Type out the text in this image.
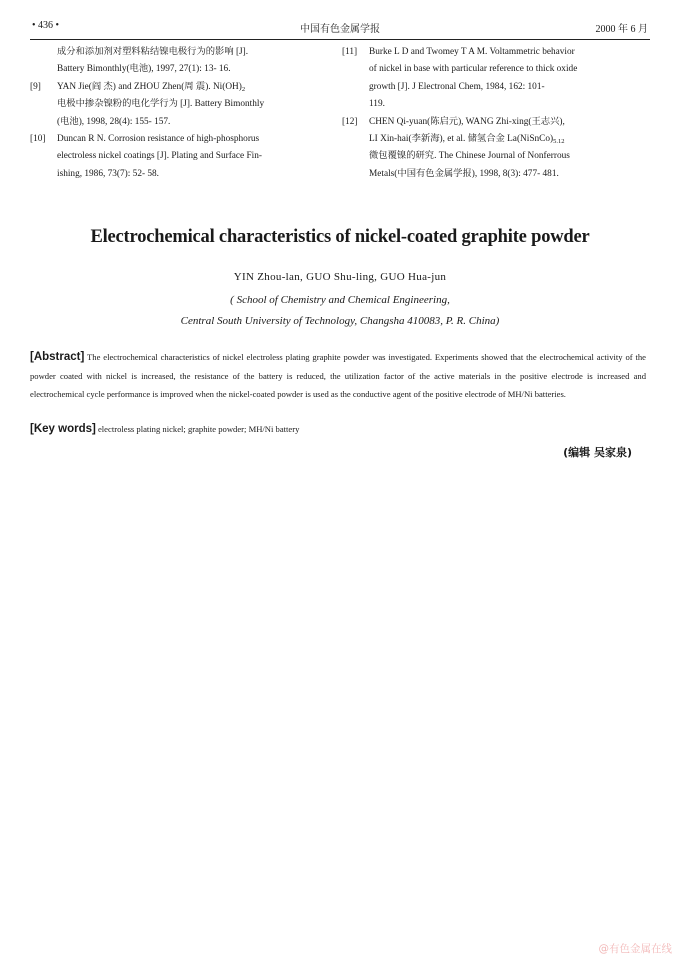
• 436 •	中国有色金属学报	2000 年 6 月
成分和添加剂对塑料粘结镍电极行为的影响 [J].
Battery Bimonthly(电池), 1997, 27(1): 13- 16.
[9] YAN Jie(阎 杰) and ZHOU Zhen(周 震). $Ni(OH)_2$
电极中掺杂镍粉的电化学行为 [J]. Battery Bimonthly
(电池), 1998, 28(4): 155- 157.
[10] Duncan R N. Corrosion resistance of high-phosphorus
electroless nickel coatings [J]. Plating and Surface Fin-
ishing, 1986, 73(7): 52- 58.
[11] Burke L D and Twomey T A M. Voltammetric behavior
of nickel in base with particular reference to thick oxide
growth [J]. J Electronal Chem, 1984, 162: 101-
119.
[12] CHEN Qi-yuan(陈启元), WANG Zhi-xing(王志兴),
LI Xin-hai(李新海), et al. 储氢合金 $La(NiSnCo)_{5.12}$
微包覆镍的研究. The Chinese Journal of Nonferrous
Metals(中国有色金属学报), 1998, 8(3): 477- 481.
Electrochemical characteristics of nickel-coated graphite powder
YIN Zhou-lan, GUO Shu-ling, GUO Hua-jun
( School of Chemistry and Chemical Engineering,
Central South University of Technology, Changsha 410083, P. R. China)
[Abstract] The electrochemical characteristics of nickel electroless plating graphite powder was investigated. Experiments showed that the electrochemical activity of the powder coated with nickel is increased, the resistance of the battery is reduced, the utilization factor of the active materials in the positive electrode is increased and electrochemical cycle performance is improved when the nickel-coated powder is used as the conductive agent of the positive electrode of MH/Ni batteries.
[Key words] electroless plating nickel; graphite powder; MH/Ni battery
(编辑 吴家泉)
@有色金属在线
